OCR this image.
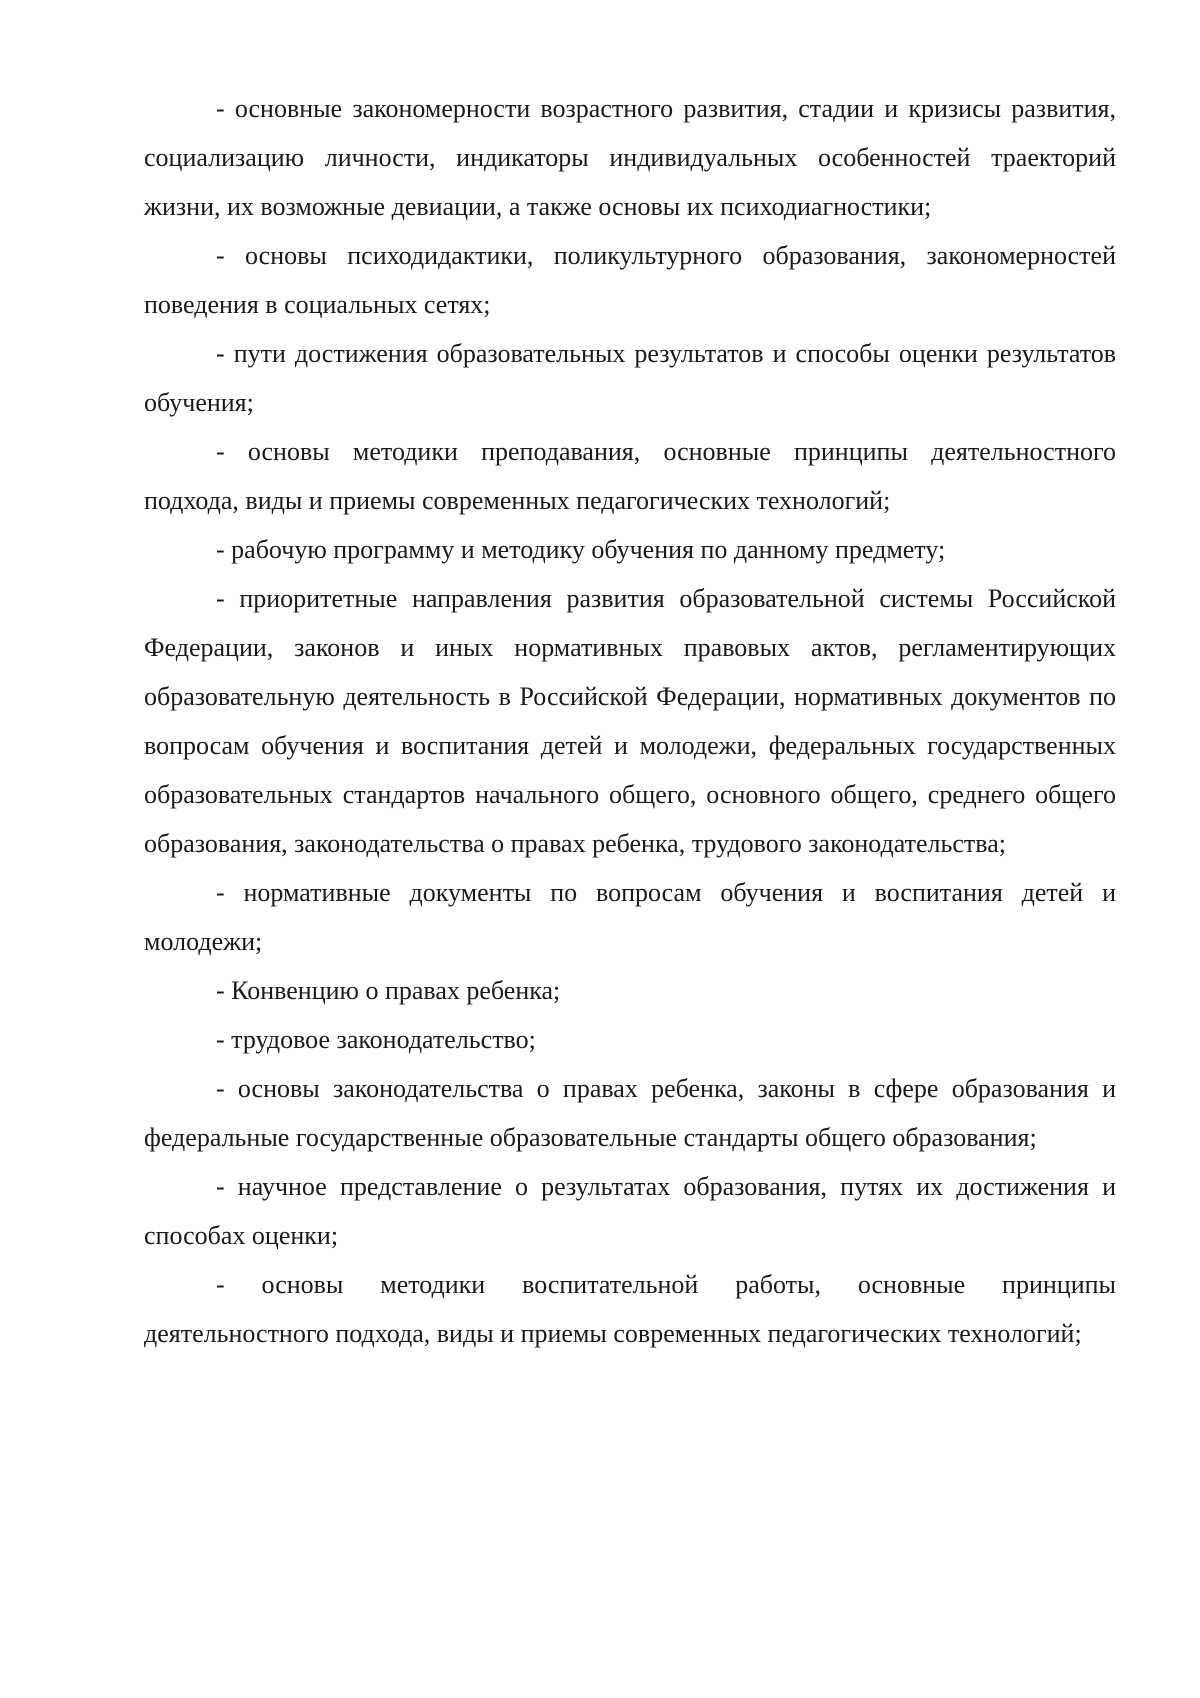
- основные закономерности возрастного развития, стадии и кризисы развития, социализацию личности, индикаторы индивидуальных особенностей траекторий жизни, их возможные девиации, а также основы их психодиагностики;

- основы психодидактики, поликультурного образования, закономерностей поведения в социальных сетях;

- пути достижения образовательных результатов и способы оценки результатов обучения;

- основы методики преподавания, основные принципы деятельностного подхода, виды и приемы современных педагогических технологий;

- рабочую программу и методику обучения по данному предмету;

- приоритетные направления развития образовательной системы Российской Федерации, законов и иных нормативных правовых актов, регламентирующих образовательную деятельность в Российской Федерации, нормативных документов по вопросам обучения и воспитания детей и молодежи, федеральных государственных образовательных стандартов начального общего, основного общего, среднего общего образования, законодательства о правах ребенка, трудового законодательства;

- нормативные документы по вопросам обучения и воспитания детей и молодежи;

- Конвенцию о правах ребенка;

- трудовое законодательство;

- основы законодательства о правах ребенка, законы в сфере образования и федеральные государственные образовательные стандарты общего образования;

- научное представление о результатах образования, путях их достижения и способах оценки;

- основы методики воспитательной работы, основные принципы деятельностного подхода, виды и приемы современных педагогических технологий;
